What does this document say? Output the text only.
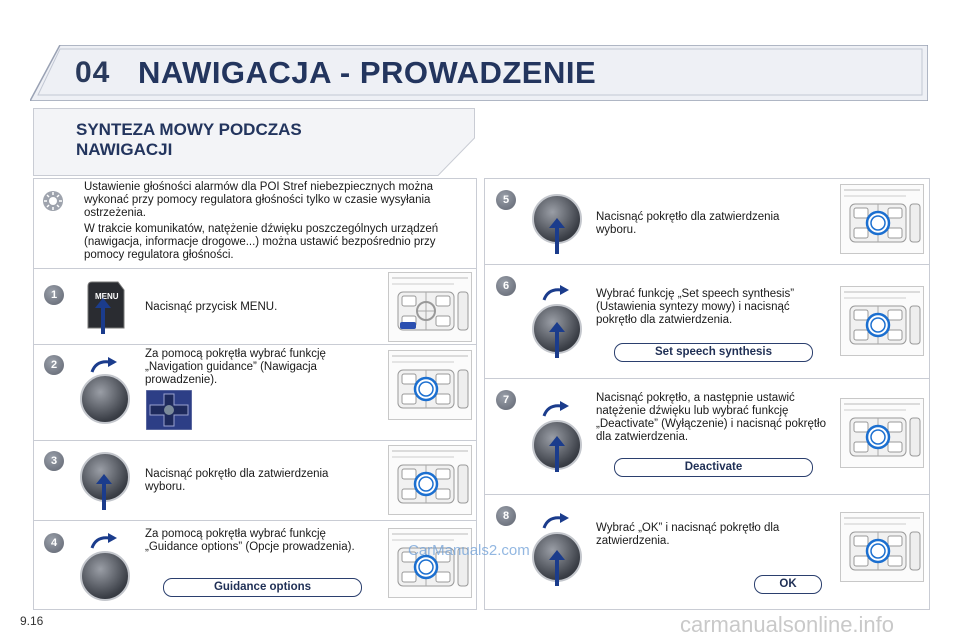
04 NAWIGACJA - PROWADZENIE
SYNTEZA MOWY PODCZAS NAWIGACJI
Ustawienie głośności alarmów dla POI Stref niebezpiecznych można wykonać przy pomocy regulatora głośności tylko w czasie wysyłania ostrzeżenia.
W trakcie komunikatów, natężenie dźwięku poszczególnych urządzeń (nawigacja, informacje drogowe...) można ustawić bezpośrednio przy pomocy regulatora głośności.
1	MENU
Nacisnąć przycisk MENU.
2
Za pomocą pokrętła wybrać funkcję „Navigation guidance” (Nawigacja prowadzenie).
3
Nacisnąć pokrętło dla zatwierdzenia wyboru.
4
Za pomocą pokrętła wybrać funkcję „Guidance options” (Opcje prowadzenia).
Guidance options
5
Nacisnąć pokrętło dla zatwierdzenia wyboru.
6
Wybrać funkcję „Set speech synthesis” (Ustawienia syntezy mowy) i nacisnąć pokrętło dla zatwierdzenia.
Set speech synthesis
7	Nacisnąć pokrętło, a następnie ustawić natężenie dźwięku lub wybrać funkcję „Deactivate” (Wyłączenie) i nacisnąć pokrętło dla zatwierdzenia.
Deactivate
8
Wybrać „OK” i nacisnąć pokrętło dla zatwierdzenia.
OK
9.16
CarManuals2.com
carmanualsonline.info
